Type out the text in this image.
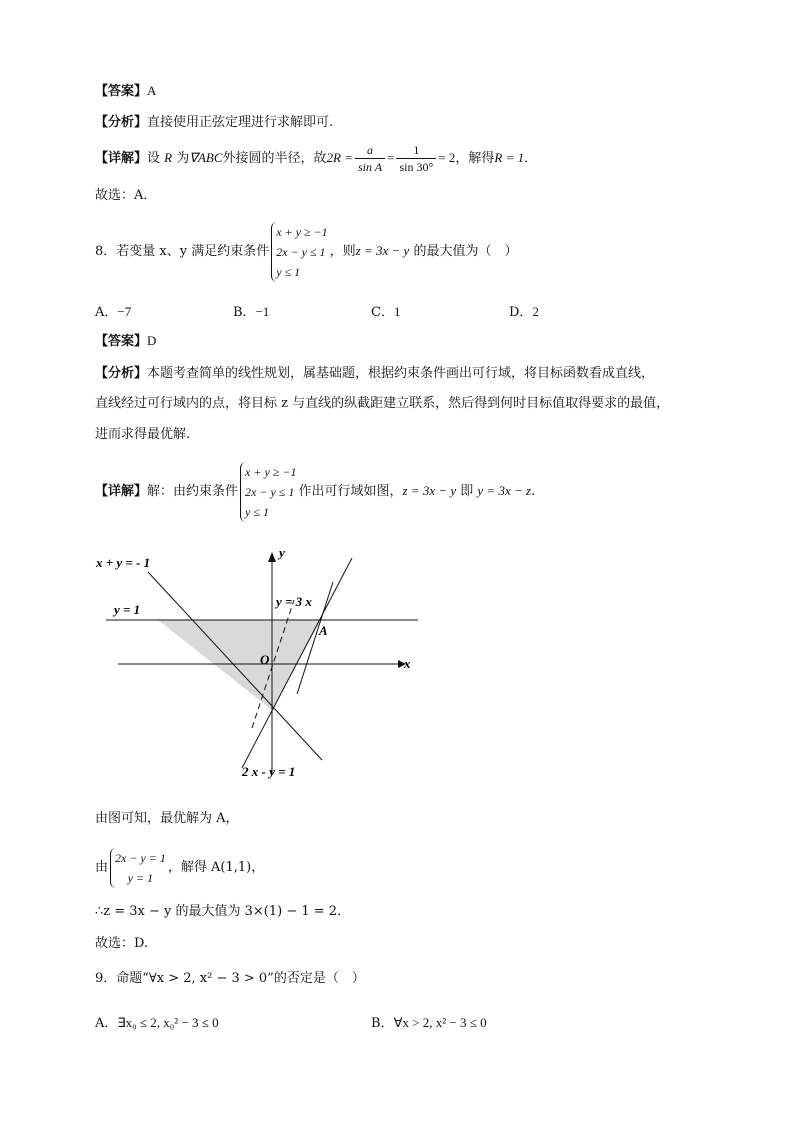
【答案】A
【分析】直接使用正弦定理进行求解即可.
【详解】设 R 为∇ABC外接圆的半径，故$2R = \frac{a}{\text{sin A}} = \frac{1}{\sin 30^\circ} = 2$，解得R = 1．
故选：A．
8．若变量 x、y 满足约束条件
x + y ≥ −1
2x − y ≤ 1
y ≤ 1
，则z = 3x − y 的最大值为（　）
A．−7	B．−1	C．1	D．2
【答案】D
【分析】本题考查简单的线性规划，属基础题，根据约束条件画出可行域，将目标函数看成直线，
直线经过可行域内的点，将目标 z 与直线的纵截距建立联系，然后得到何时目标值取得要求的最值，
进而求得最优解.
【详解】解：由约束条件
x + y ≥ −1
2x − y ≤ 1
y ≤ 1
作出可行域如图，z = 3x − y 即 y = 3x − z.
x + y = - 1
y = 1
y = 3 x
2 x - y = 1
x
y
O
A
由图可知，最优解为 A，
由
2x − y = 1
y = 1
，解得 A(1,1)，
∴z = 3x − y 的最大值为 3×(1) − 1 = 2．
故选：D.
9．命题“∀x > 2, x² − 3 > 0”的否定是（　）
A．∃x₀ ≤ 2, x₀² − 3 ≤ 0	B．∀x > 2, x² − 3 ≤ 0
